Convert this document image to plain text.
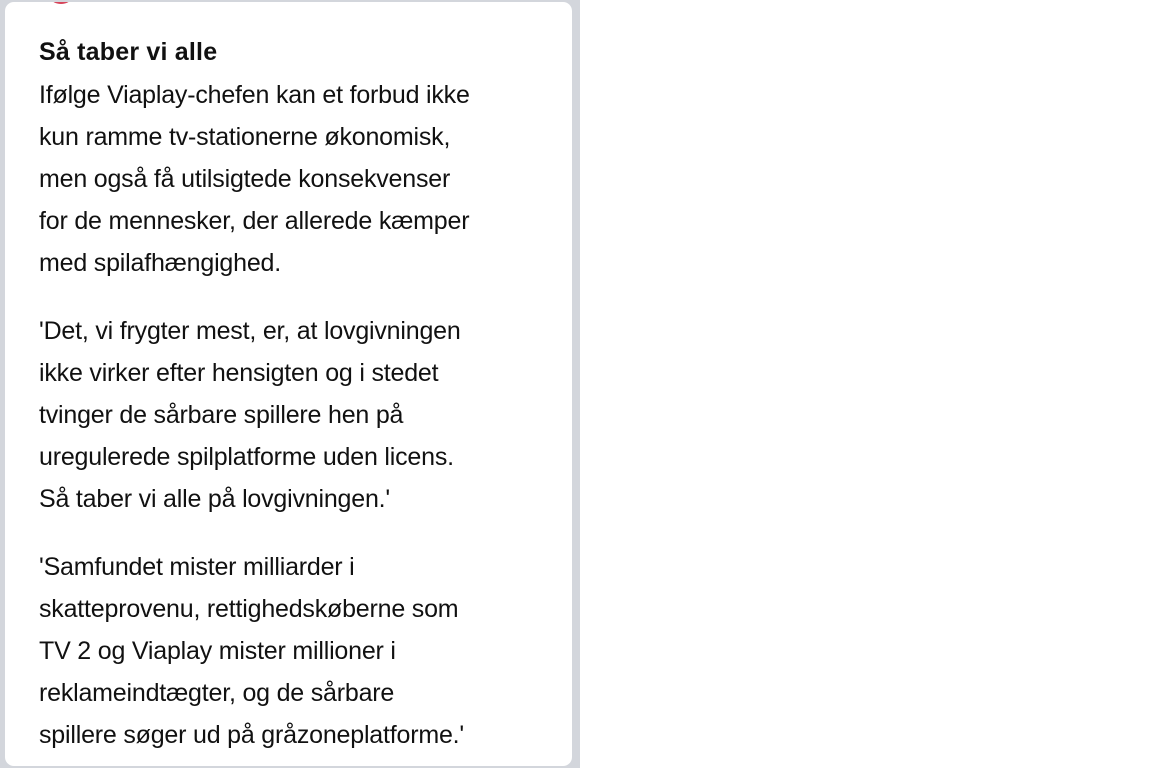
Så taber vi alle

Ifølge Viaplay-chefen kan et forbud ikke
kun ramme tv-stationerne økonomisk,
men også få utilsigtede konsekvenser
for de mennesker, der allerede kæmper
med spilafhængighed.

'Det, vi frygter mest, er, at lovgivningen
ikke virker efter hensigten og i stedet
tvinger de sårbare spillere hen på
uregulerede spilplatforme uden licens.
Så taber vi alle på lovgivningen.'

'Samfundet mister milliarder i
skatteprovenu, rettighedskøberne som
TV 2 og Viaplay mister millioner i
reklameindtægter, og de sårbare
spillere søger ud på gråzoneplatforme.'
